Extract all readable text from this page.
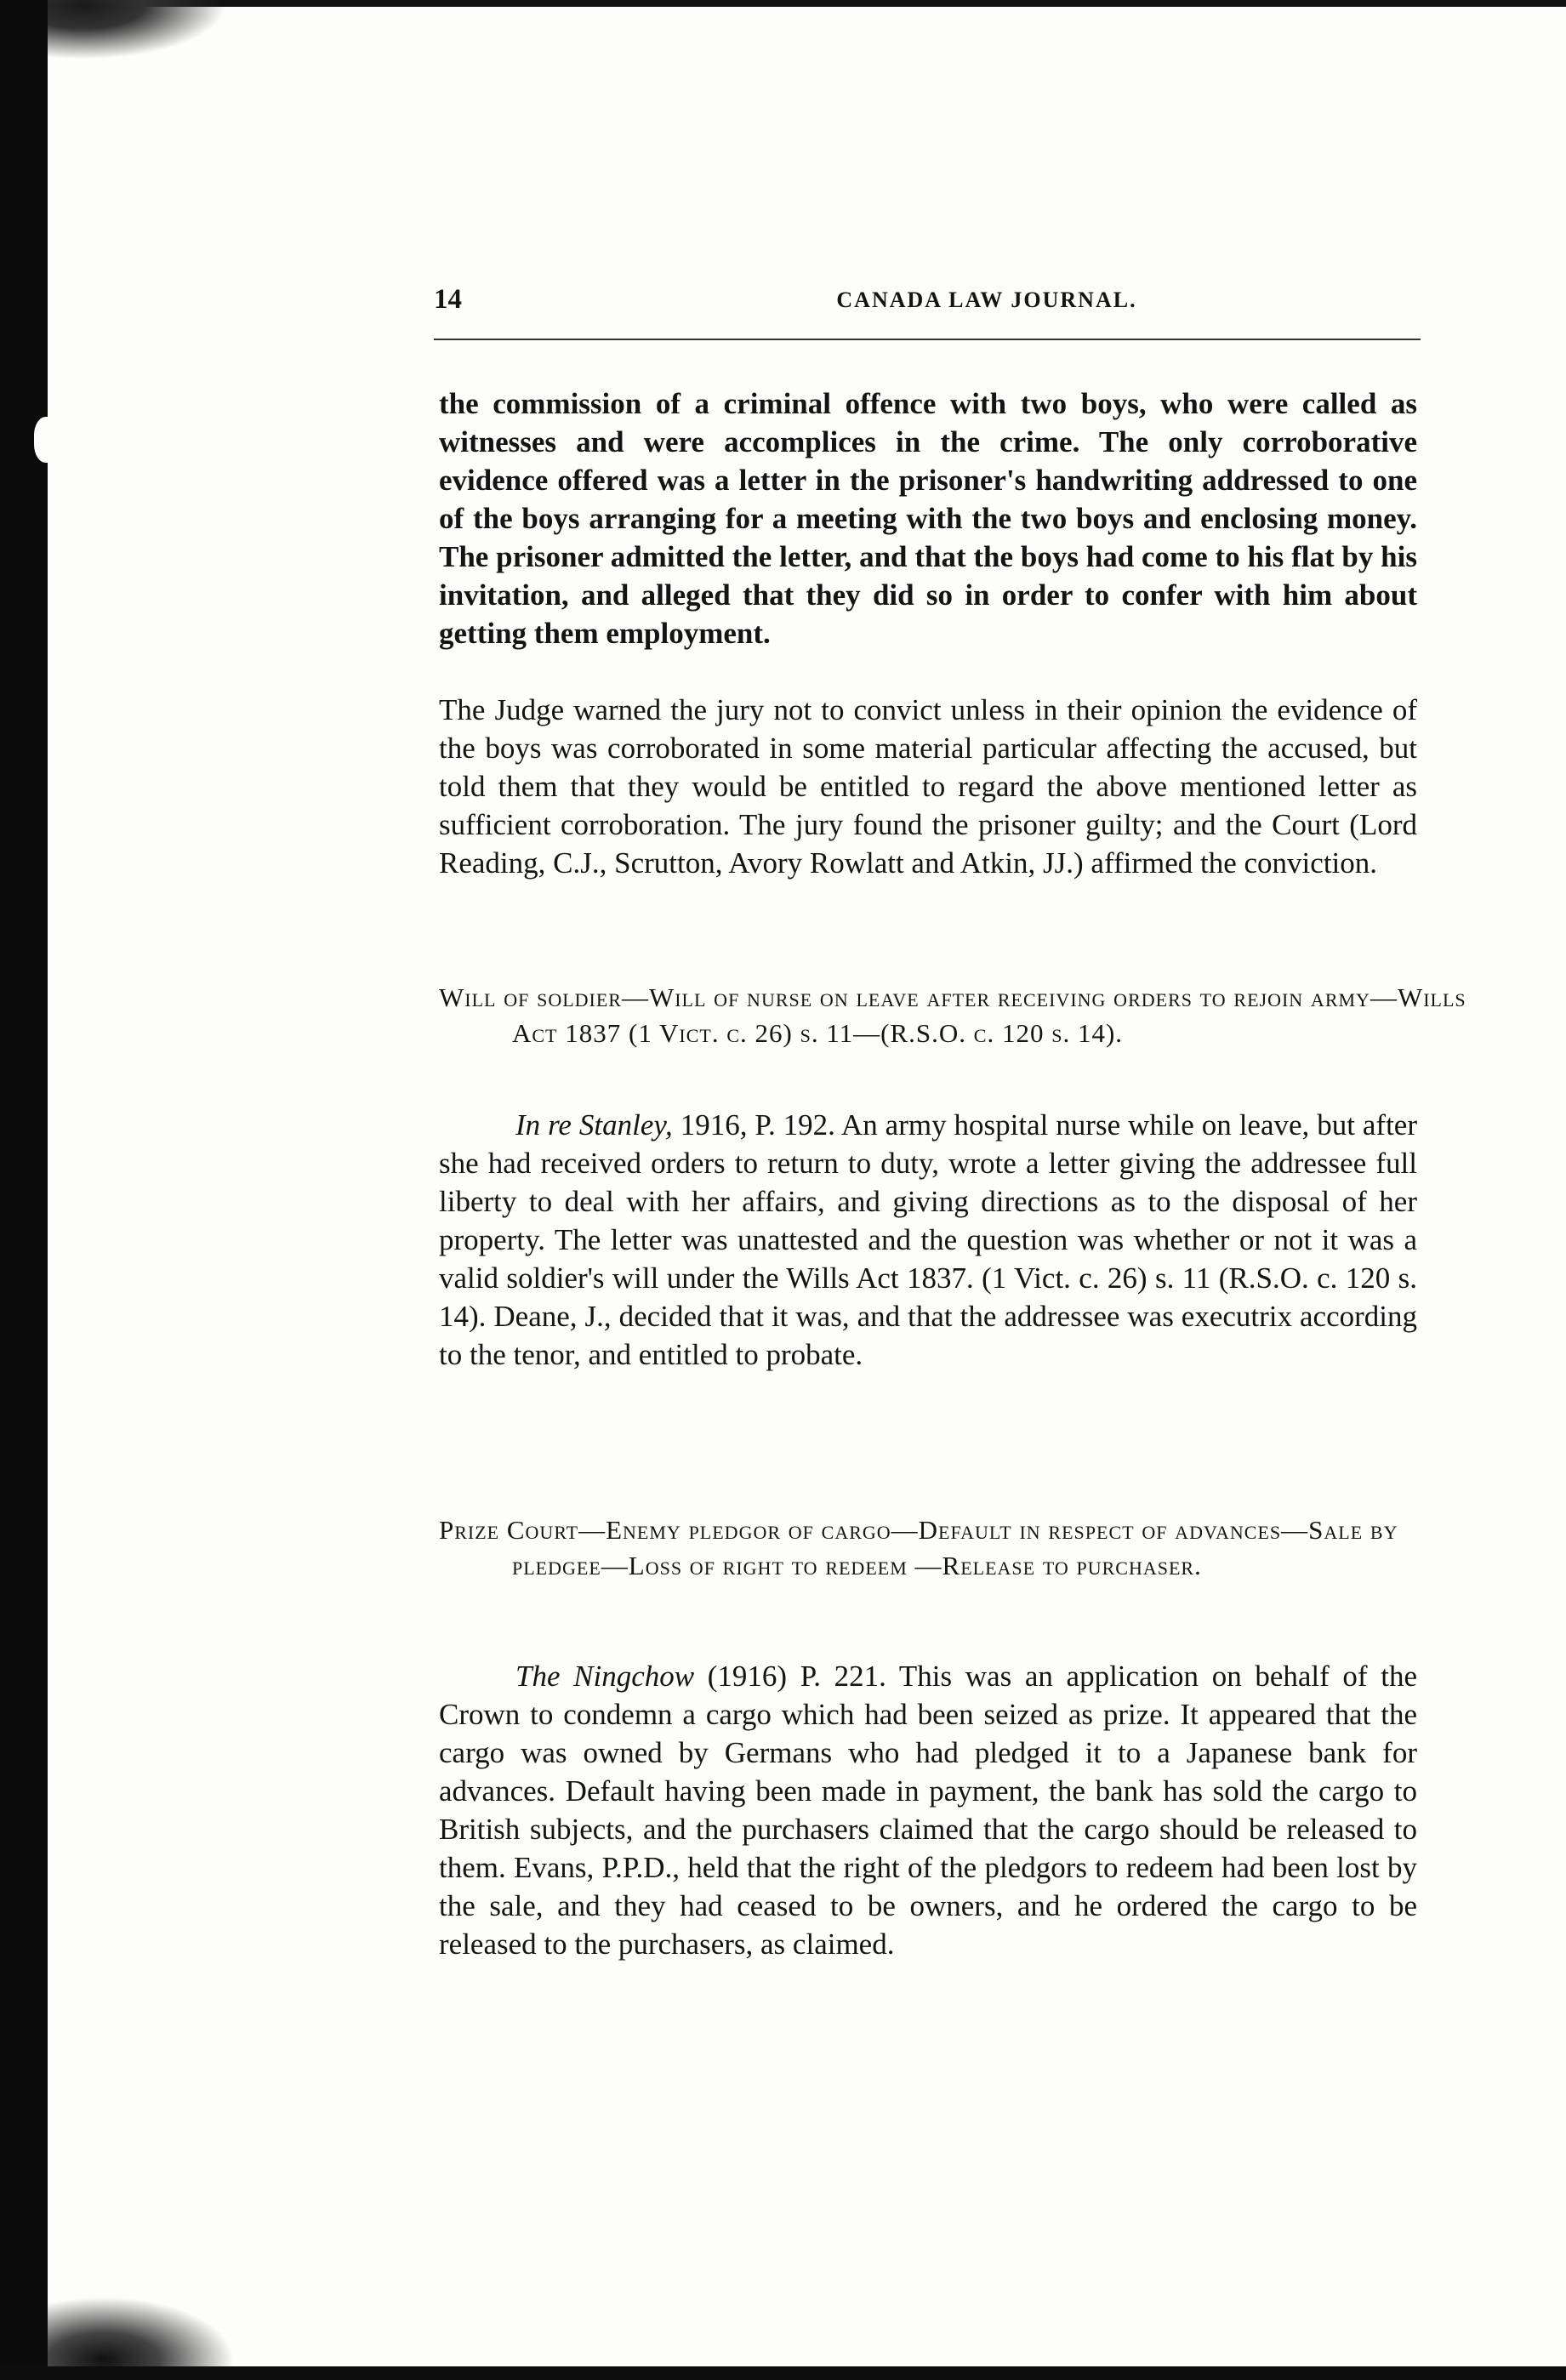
14	CANADA LAW JOURNAL.

the commission of a criminal offence with two boys, who were called as witnesses and were accomplices in the crime. The only corroborative evidence offered was a letter in the prisoner's handwriting addressed to one of the boys arranging for a meeting with the two boys and enclosing money. The prisoner admitted the letter, and that the boys had come to his flat by his invitation, and alleged that they did so in order to confer with him about getting them employment.

The Judge warned the jury not to convict unless in their opinion the evidence of the boys was corroborated in some material particular affecting the accused, but told them that they would be entitled to regard the above mentioned letter as sufficient corroboration. The jury found the prisoner guilty; and the Court (Lord Reading, C.J., Scrutton, Avory Rowlatt and Atkin, JJ.) affirmed the conviction.

Will of soldier—Will of nurse on leave after receiving orders to rejoin army—Wills Act 1837 (1 Vict. c. 26) s. 11—(R.S.O. c. 120 s. 14).

In re Stanley, 1916, P. 192. An army hospital nurse while on leave, but after she had received orders to return to duty, wrote a letter giving the addressee full liberty to deal with her affairs, and giving directions as to the disposal of her property. The letter was unattested and the question was whether or not it was a valid soldier's will under the Wills Act 1837. (1 Vict. c. 26) s. 11 (R.S.O. c. 120 s. 14). Deane, J., decided that it was, and that the addressee was executrix according to the tenor, and entitled to probate.

Prize Court—Enemy pledgor of cargo—Default in respect of advances—Sale by pledgee—Loss of right to redeem —Release to purchaser.

The Ningchow (1916) P. 221. This was an application on behalf of the Crown to condemn a cargo which had been seized as prize. It appeared that the cargo was owned by Germans who had pledged it to a Japanese bank for advances. Default having been made in payment, the bank has sold the cargo to British subjects, and the purchasers claimed that the cargo should be released to them. Evans, P.P.D., held that the right of the pledgors to redeem had been lost by the sale, and they had ceased to be owners, and he ordered the cargo to be released to the purchasers, as claimed.
